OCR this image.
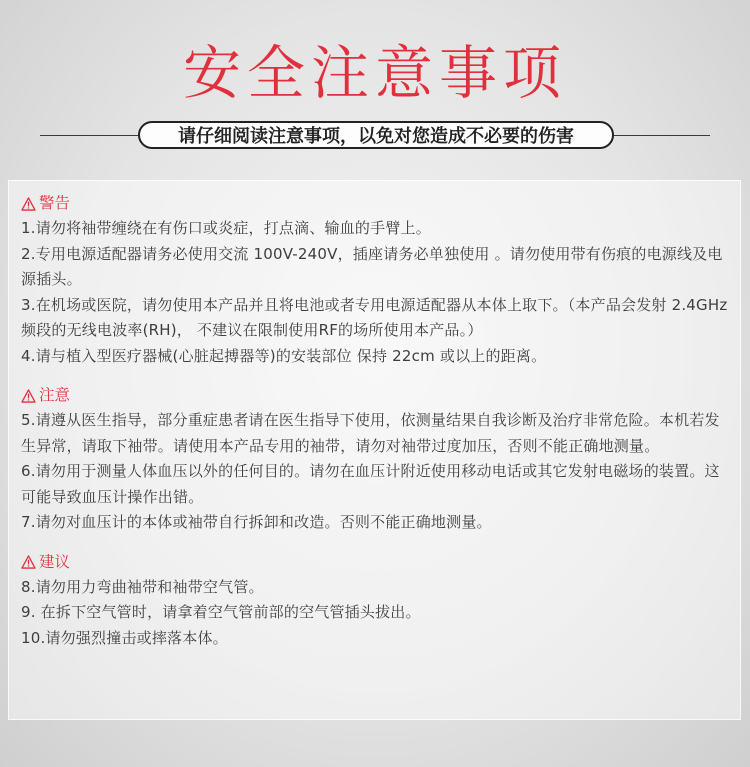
安全注意事项
请仔细阅读注意事项，以免对您造成不必要的伤害
警告

1.请勿将袖带缠绕在有伤口或炎症，打点滴、输血的手臂上。

2.专用电源适配器请务必使用交流 100V-240V，插座请务必单独使用 。请勿使用带有伤痕的电源线及电源插头。

3.在机场或医院，请勿使用本产品并且将电池或者专用电源适配器从本体上取下。（本产品会发射 2.4GHz 频段的无线电波率(RH)， 不建议在限制使用RF的场所使用本产品。）

4.请与植入型医疗器械(心脏起搏器等)的安装部位 保持 22cm 或以上的距离。

注意

5.请遵从医生指导，部分重症患者请在医生指导下使用，依测量结果自我诊断及治疗非常危险。本机若发生异常，请取下袖带。请使用本产品专用的袖带，请勿对袖带过度加压，否则不能正确地测量。

6.请勿用于测量人体血压以外的任何目的。请勿在血压计附近使用移动电话或其它发射电磁场的装置。这可能导致血压计操作出错。

7.请勿对血压计的本体或袖带自行拆卸和改造。否则不能正确地测量。

建议

8.请勿用力弯曲袖带和袖带空气管。

9. 在拆下空气管时，请拿着空气管前部的空气管插头拔出。

10.请勿强烈撞击或摔落本体。
